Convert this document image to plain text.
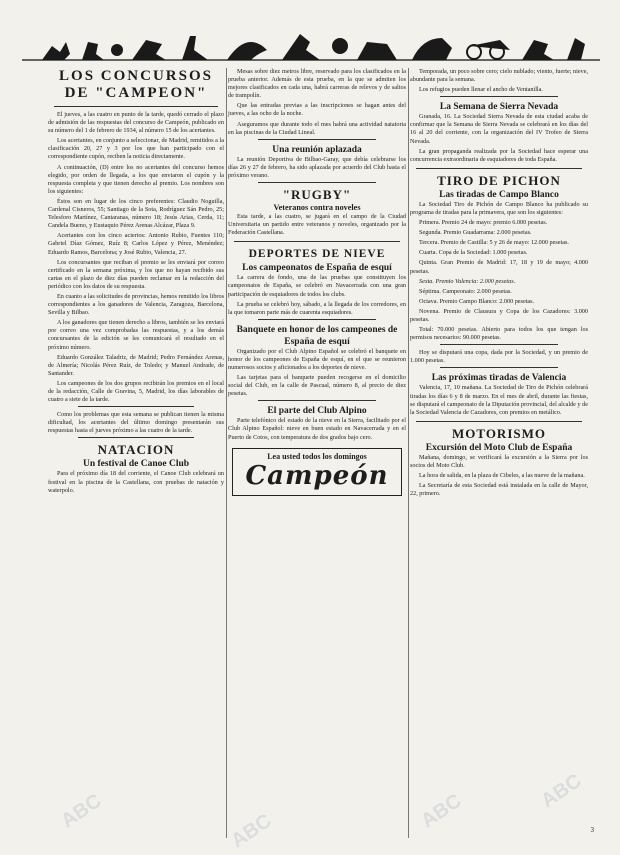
LOS CONCURSOS DE "CAMPEON"

El jueves, a las cuatro en punto de la tarde, quedó cerrado el plazo de admisión de las respuestas del concurso de Campeón, publicado en su número del 1 de febrero de 1934, al número 15 de los acertantes.

Los acertantes, en conjunto a seleccionar, de Madrid, remitidos a la clasificación 20, 27 y 3 por los que han participado con el correspondiente cupón, reciben la noticia directamente.

A continuación, (D) entre los no acertantes del concurso hemos elegido, por orden de llegada, a los que enviaron el cupón y la respuesta completa y que tienen derecho al premio. Los nombres son los siguientes:

Éstos son en lugar de los cinco preferentes: Claudio Noguilla, Cardenal Cisneros, 55; Santiago de la Sota, Rodríguez Sán Pedro, 25; Telesforo Martínez, Cantaranas, número 18; Jesús Arias, Cerda, 11; Candela Bueno, y Eustaquio Pérez Arenas Alcázar, Plaza 9.

Acertantes con los cinco aciertos: Antonio Rubio, Fuentes 110; Gabriel Díaz Gómez, Ruíz 8; Carlos López y Pérez, Menéndez; Eduardo Ramos, Barcelona; y José Rubio, Valencia, 27.

Los concursantes que reciban el premio se les enviará por correo certificado en la semana próxima, y los que no hayan recibido sus cartas en el plazo de diez días pueden reclamar en la redacción del periódico con los datos de su respuesta.

En cuanto a las solicitudes de provincias, hemos remitido los libros correspondientes a los ganadores de Valencia, Zaragoza, Barcelona, Sevilla y Bilbao.

A los ganadores que tienen derecho a libros, también se les enviará por correo una vez comprobadas las respuestas, y a los demás concursantes de la edición se les comunicará el resultado en el próximo número.

Eduardo González Taladriz, de Madrid; Pedro Fernández Arenas, de Almería; Nicolás Pérez Ruíz, de Toledo; y Manuel Andrade, de Santander.

Los campeones de los dos grupos recibirán los premios en el local de la redacción, Calle de Gravina, 5, Madrid, los días laborables de cuatro a siete de la tarde.

Como los problemas que esta semana se publican tienen la misma dificultad, los acertantes del último domingo presentarán sus respuestas hasta el jueves próximo a las cuatro de la tarde.

NATACION
Un festival de Canoe Club

Para el próximo día 18 del corriente, el Canoe Club celebrará un festival en la piscina de la Castellana, con pruebas de natación y waterpolo.

Mesas sobre diez metros libre, reservado para los clasificados en la prueba anterior. Además de esta prueba, en la que se admiten los mejores clasificados en cada una, habrá carreras de relevos y de saltos de trampolín.

Que las entradas previas a las inscripciones se hagan antes del jueves, a las ocho de la noche.

Aseguramos que durante todo el mes habrá una actividad natatoria en las piscinas de la Ciudad Lineal.

Una reunión aplazada

La reunión Deportiva de Bilbao-Garay, que debía celebrarse los días 26 y 27 de febrero, ha sido aplazada por acuerdo del Club hasta el próximo verano.

"RUGBY"
Veteranos contra noveles

Esta tarde, a las cuatro, se jugará en el campo de la Ciudad Universitaria un partido entre veteranos y noveles, organizado por la Federación Castellana.

DEPORTES DE NIEVE
Los campeonatos de España de esquí

La carrera de fondo, una de las pruebas que constituyen los campeonatos de España, se celebró en Navacerrada con una gran participación de esquiadores de todos los clubs.

La prueba se celebró hoy, sábado, a la llegada de los corredores, en la que tomaron parte más de cuarenta esquiadores.

Banquete en honor de los campeones de España de esquí

Organizado por el Club Alpino Español se celebró el banquete en honor de los campeones de España de esquí, en el que se reunieron numerosos socios y aficionados a los deportes de nieve.

Las tarjetas para el banquete pueden recogerse en el domicilio social del Club, en la calle de Pascual, número 8, al precio de diez pesetas.

El parte del Club Alpino

Parte telefónico del estado de la nieve en la Sierra, facilitado por el Club Alpino Español: nieve en buen estado en Navacerrada y en el Puerto de Cotos, con temperatura de dos grados bajo cero.

Lea usted todos los domingos
Campeón

Temporada, un poco sobre cero; cielo nublado; viento, fuerte; nieve, abundante para la semana.

Los refugios pueden llenar el ancho de Ventanilla.

La Semana de Sierra Nevada

Granada, 16. La Sociedad Sierra Nevada de esta ciudad acaba de confirmar que la Semana de Sierra Nevada se celebrará en los días del 16 al 20 del corriente, con la organización del IV Trofeo de Sierra Nevada.

La gran propaganda realizada por la Sociedad hace esperar una concurrencia extraordinaria de esquiadores de toda España.

TIRO DE PICHON
Las tiradas de Campo Blanco

La Sociedad Tiro de Pichón de Campo Blanco ha publicado su programa de tiradas para la primavera, que son los siguientes:

Primera. Premio 24 de mayo: premio 6.000 pesetas.

Segunda. Premio Guadarrama: 2.000 pesetas.

Tercera. Premio de Castilla: 5 y 26 de mayo: 12.000 pesetas.

Cuarta. Copa de la Sociedad: 1.000 pesetas.

Quinta. Gran Premio de Madrid: 17, 18 y 19 de mayo; 4.000 pesetas.

Sexta. Premio Valencia: 2.000 pesetas.

Séptima. Campeonato: 2.000 pesetas.

Octava. Premio Campo Blanco: 2.000 pesetas.

Novena. Premio de Clausura y Copa de los Cazadores: 3.000 pesetas.

Total: 70.000 pesetas. Abierto para todos los que tengan los permisos necesarios: 90.000 pesetas.

Hoy se disputará una copa, dada por la Sociedad, y un premio de 1.000 pesetas.

Las próximas tiradas de Valencia

Valencia, 17, 10 mañana. La Sociedad de Tiro de Pichón celebrará tiradas los días 6 y 8 de marzo. En el mes de abril, durante las fiestas, se disputará el campeonato de la Diputación provincial, del alcalde y de la Sociedad Valencia de Cazadores, con premios en metálico.

MOTORISMO
Excursión del Moto Club de España

Mañana, domingo, se verificará la excursión a la Sierra por los socios del Moto Club.

La hora de salida, en la plaza de Cibeles, a las nueve de la mañana.

La Secretaría de esta Sociedad está instalada en la calle de Mayor, 22, primero.

3
ABC	ABC	ABC	ABC
